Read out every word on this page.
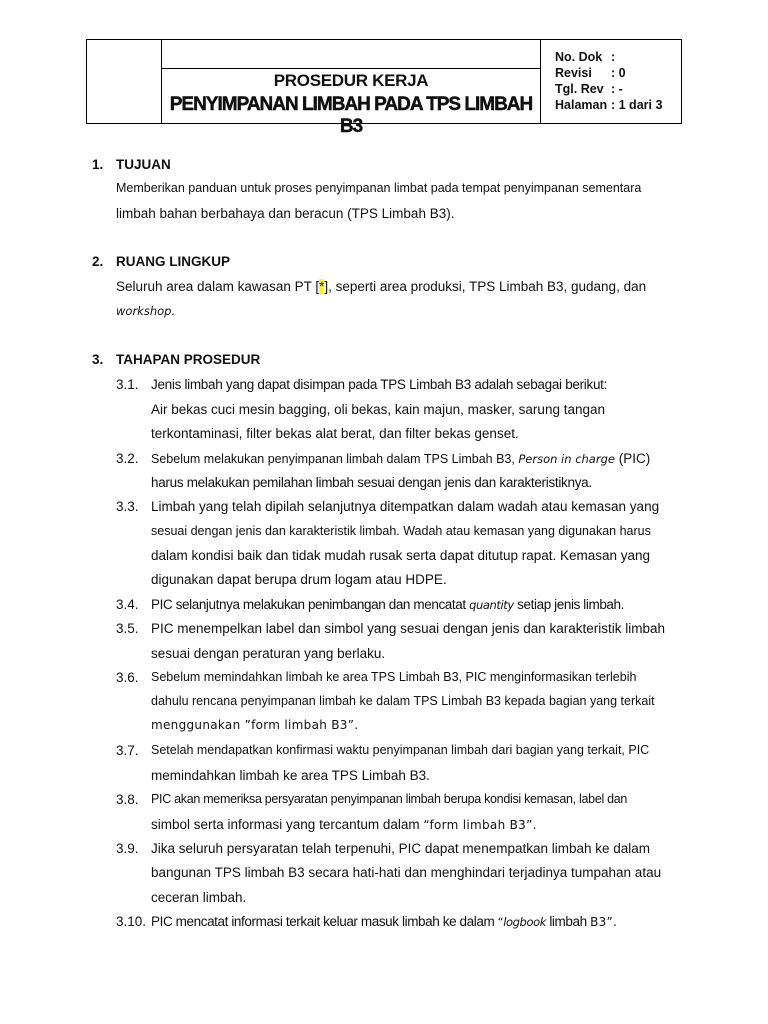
PROSEDUR KERJA
PENYIMPANAN LIMBAH PADA TPS LIMBAH B3
No. Dok :
Revisi : 0
Tgl. Rev : -
Halaman : 1 dari 3
1. TUJUAN
Memberikan panduan untuk proses penyimpanan limbat pada tempat penyimpanan sementara
limbah bahan berbahaya dan beracun (TPS Limbah B3).
2. RUANG LINGKUP
Seluruh area dalam kawasan PT [*], seperti area produksi, TPS Limbah B3, gudang, dan
workshop.
3. TAHAPAN PROSEDUR
3.1. Jenis limbah yang dapat disimpan pada TPS Limbah B3 adalah sebagai berikut:
Air bekas cuci mesin bagging, oli bekas, kain majun, masker, sarung tangan
terkontaminasi, filter bekas alat berat, dan filter bekas genset.
3.2. Sebelum melakukan penyimpanan limbah dalam TPS Limbah B3, Person in charge (PIC)
harus melakukan pemilahan limbah sesuai dengan jenis dan karakteristiknya.
3.3. Limbah yang telah dipilah selanjutnya ditempatkan dalam wadah atau kemasan yang
sesuai dengan jenis dan karakteristik limbah. Wadah atau kemasan yang digunakan harus
dalam kondisi baik dan tidak mudah rusak serta dapat ditutup rapat. Kemasan yang
digunakan dapat berupa drum logam atau HDPE.
3.4. PIC selanjutnya melakukan penimbangan dan mencatat quantity setiap jenis limbah.
3.5. PIC menempelkan label dan simbol yang sesuai dengan jenis dan karakteristik limbah
sesuai dengan peraturan yang berlaku.
3.6. Sebelum memindahkan limbah ke area TPS Limbah B3, PIC menginformasikan terlebih
dahulu rencana penyimpanan limbah ke dalam TPS Limbah B3 kepada bagian yang terkait
menggunakan ”form limbah B3”.
3.7. Setelah mendapatkan konfirmasi waktu penyimpanan limbah dari bagian yang terkait, PIC
memindahkan limbah ke area TPS Limbah B3.
3.8. PIC akan memeriksa persyaratan penyimpanan limbah berupa kondisi kemasan, label dan
simbol serta informasi yang tercantum dalam “form limbah B3”.
3.9. Jika seluruh persyaratan telah terpenuhi, PIC dapat menempatkan limbah ke dalam
bangunan TPS limbah B3 secara hati-hati dan menghindari terjadinya tumpahan atau
ceceran limbah.
3.10. PIC mencatat informasi terkait keluar masuk limbah ke dalam “logbook limbah B3”.
